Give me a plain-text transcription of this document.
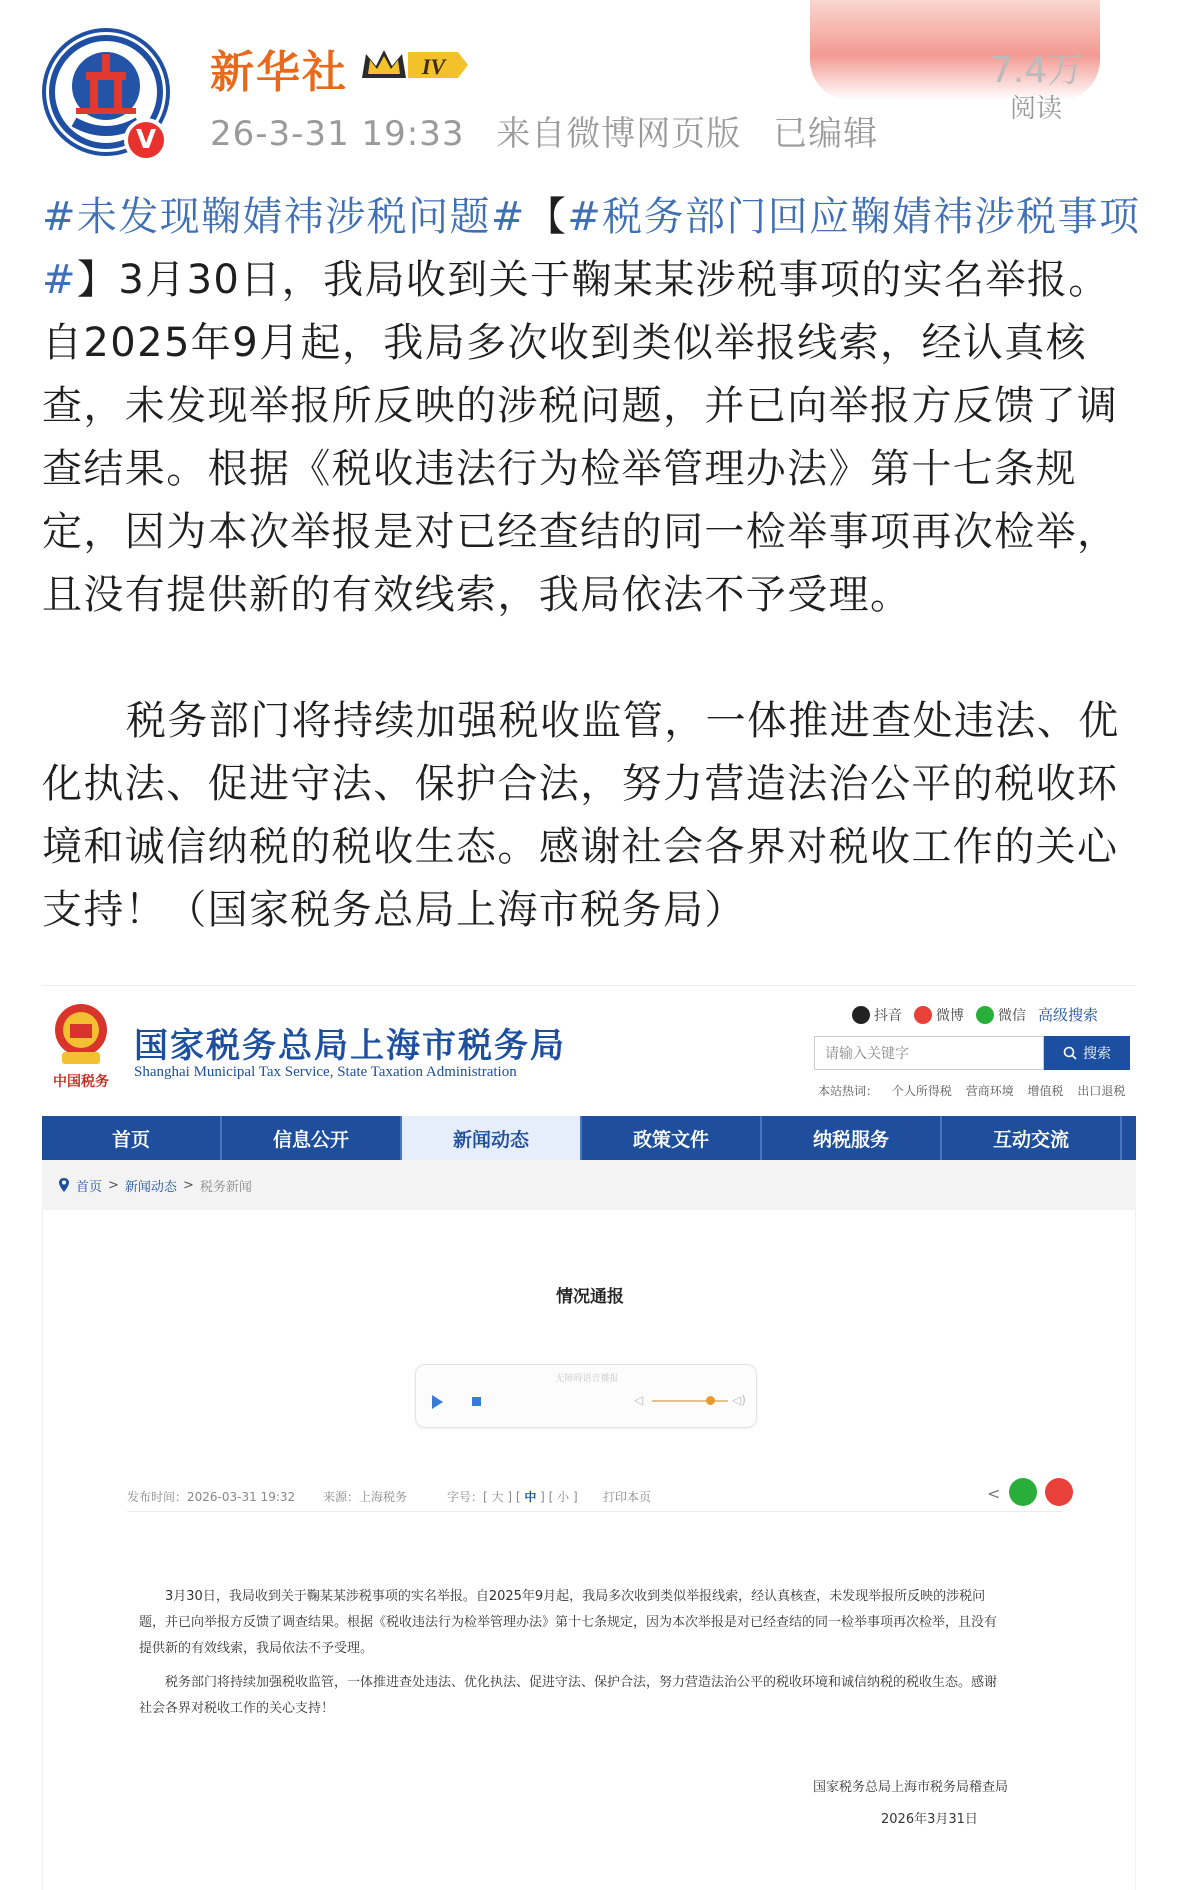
V
新华社	IV
26-3-31 19:33 来自微博网页版 已编辑
7.4万
阅读

#未发现鞠婧祎涉税问题#【#税务部门回应鞠婧祎涉税事项#】3月30日，我局收到关于鞠某某涉税事项的实名举报。自2025年9月起，我局多次收到类似举报线索，经认真核查，未发现举报所反映的涉税问题，并已向举报方反馈了调查结果。根据《税收违法行为检举管理办法》第十七条规定，因为本次举报是对已经查结的同一检举事项再次检举，且没有提供新的有效线索，我局依法不予受理。

税务部门将持续加强税收监管，一体推进查处违法、优化执法、促进守法、保护合法，努力营造法治公平的税收环境和诚信纳税的税收生态。感谢社会各界对税收工作的关心支持！（国家税务总局上海市税务局）

中国税务
国家税务总局上海市税务局
Shanghai Municipal Tax Service, State Taxation Administration
抖音 微博 微信 高级搜索
请输入关键字	搜索
本站热词： 个人所得税 营商环境 增值税 出口退税
首页	信息公开	新闻动态	政策文件	纳税服务	互动交流
首页 > 新闻动态 > 税务新闻
情况通报
无障碍语音播报
◁	◁)
发布时间：2026-03-31 19:32 来源：上海税务	字号：[ 大 ] [ 中 ] [ 小 ] 打印本页	<

3月30日，我局收到关于鞠某某涉税事项的实名举报。自2025年9月起，我局多次收到类似举报线索，经认真核查，未发现举报所反映的涉税问题，并已向举报方反馈了调查结果。根据《税收违法行为检举管理办法》第十七条规定，因为本次举报是对已经查结的同一检举事项再次检举，且没有提供新的有效线索，我局依法不予受理。

税务部门将持续加强税收监管，一体推进查处违法、优化执法、促进守法、保护合法，努力营造法治公平的税收环境和诚信纳税的税收生态。感谢社会各界对税收工作的关心支持！

国家税务总局上海市税务局稽查局
2026年3月31日
